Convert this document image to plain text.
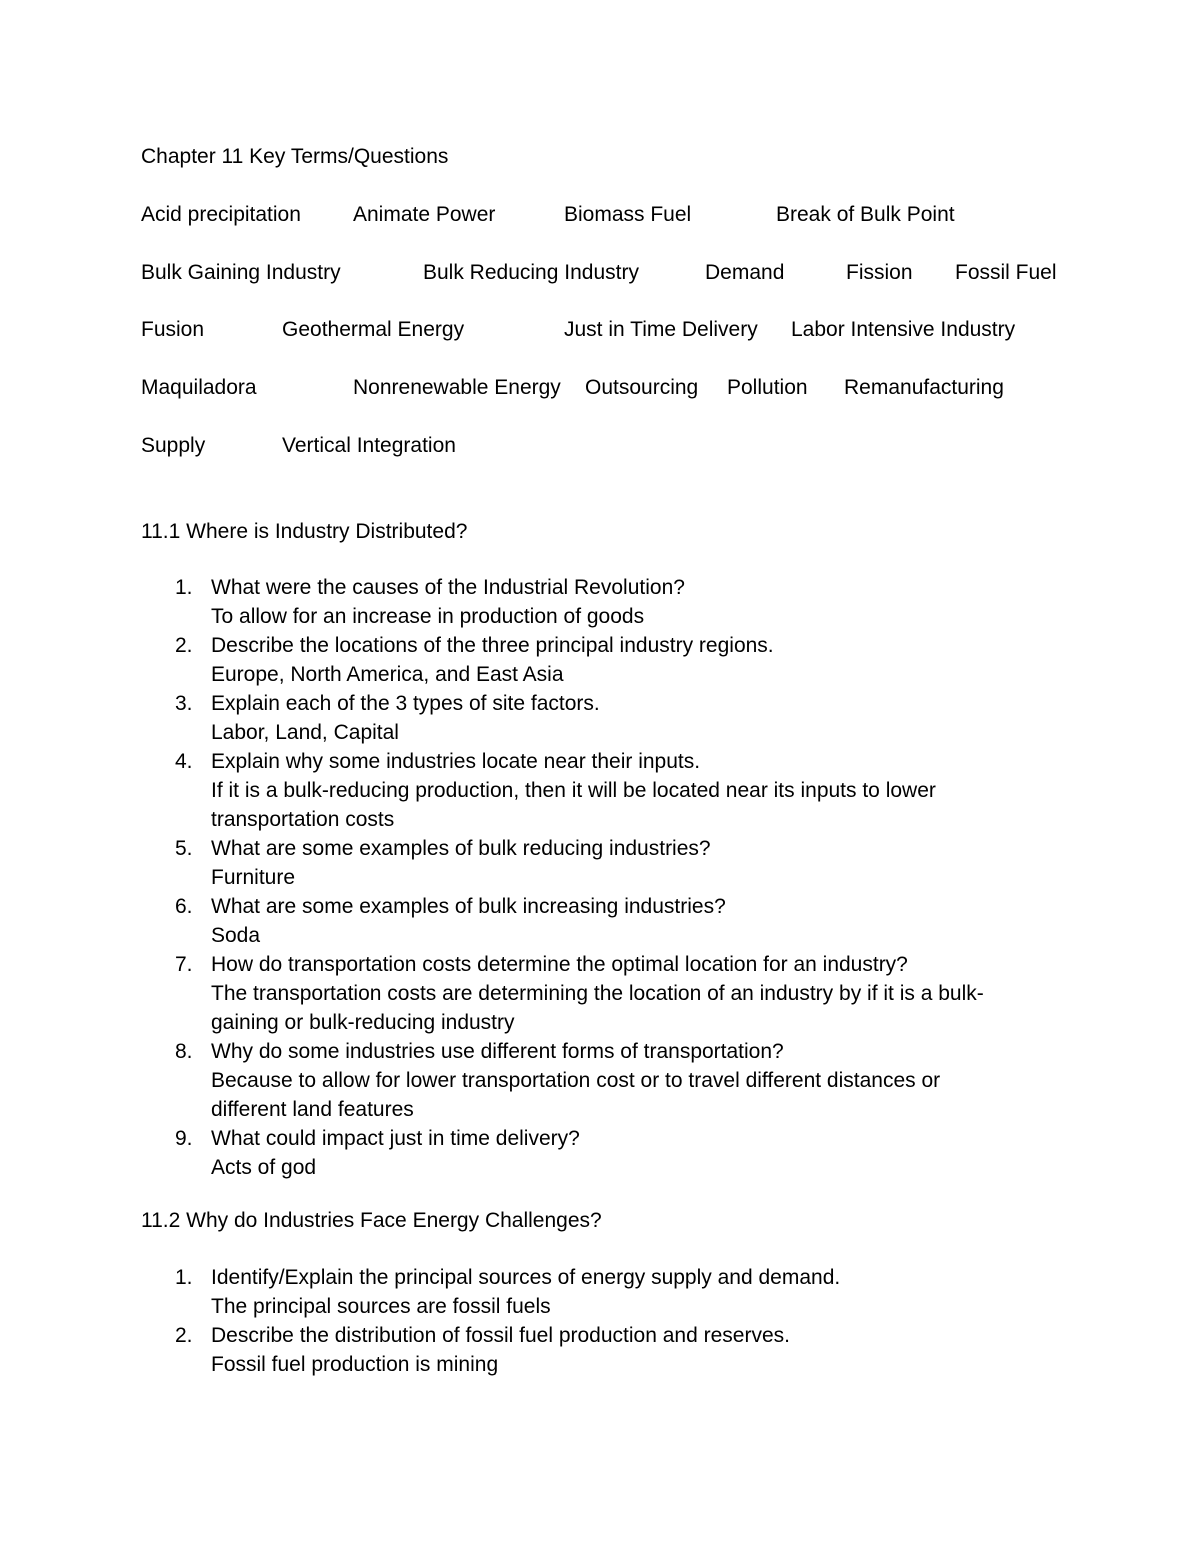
Chapter 11 Key Terms/Questions
Acid precipitation Animate Power	Biomass Fuel	Break of Bulk Point
Bulk Gaining Industry	Bulk Reducing Industry	Demand	Fission Fossil Fuel
Fusion	Geothermal Energy	Just in Time Delivery Labor Intensive Industry
Maquiladora	Nonrenewable Energy Outsourcing Pollution Remanufacturing
Supply	Vertical Integration
11.1 Where is Industry Distributed?
1. What were the causes of the Industrial Revolution?
To allow for an increase in production of goods
2. Describe the locations of the three principal industry regions.
Europe, North America, and East Asia
3. Explain each of the 3 types of site factors.
Labor, Land, Capital
4. Explain why some industries locate near their inputs.
If it is a bulk-reducing production, then it will be located near its inputs to lower transportation costs
5. What are some examples of bulk reducing industries?
Furniture
6. What are some examples of bulk increasing industries?
Soda
7. How do transportation costs determine the optimal location for an industry?
The transportation costs are determining the location of an industry by if it is a bulk-gaining or bulk-reducing industry
8. Why do some industries use different forms of transportation?
Because to allow for lower transportation cost or to travel different distances or different land features
9. What could impact just in time delivery?
Acts of god
11.2 Why do Industries Face Energy Challenges?
1. Identify/Explain the principal sources of energy supply and demand.
The principal sources are fossil fuels
2. Describe the distribution of fossil fuel production and reserves.
Fossil fuel production is mining
